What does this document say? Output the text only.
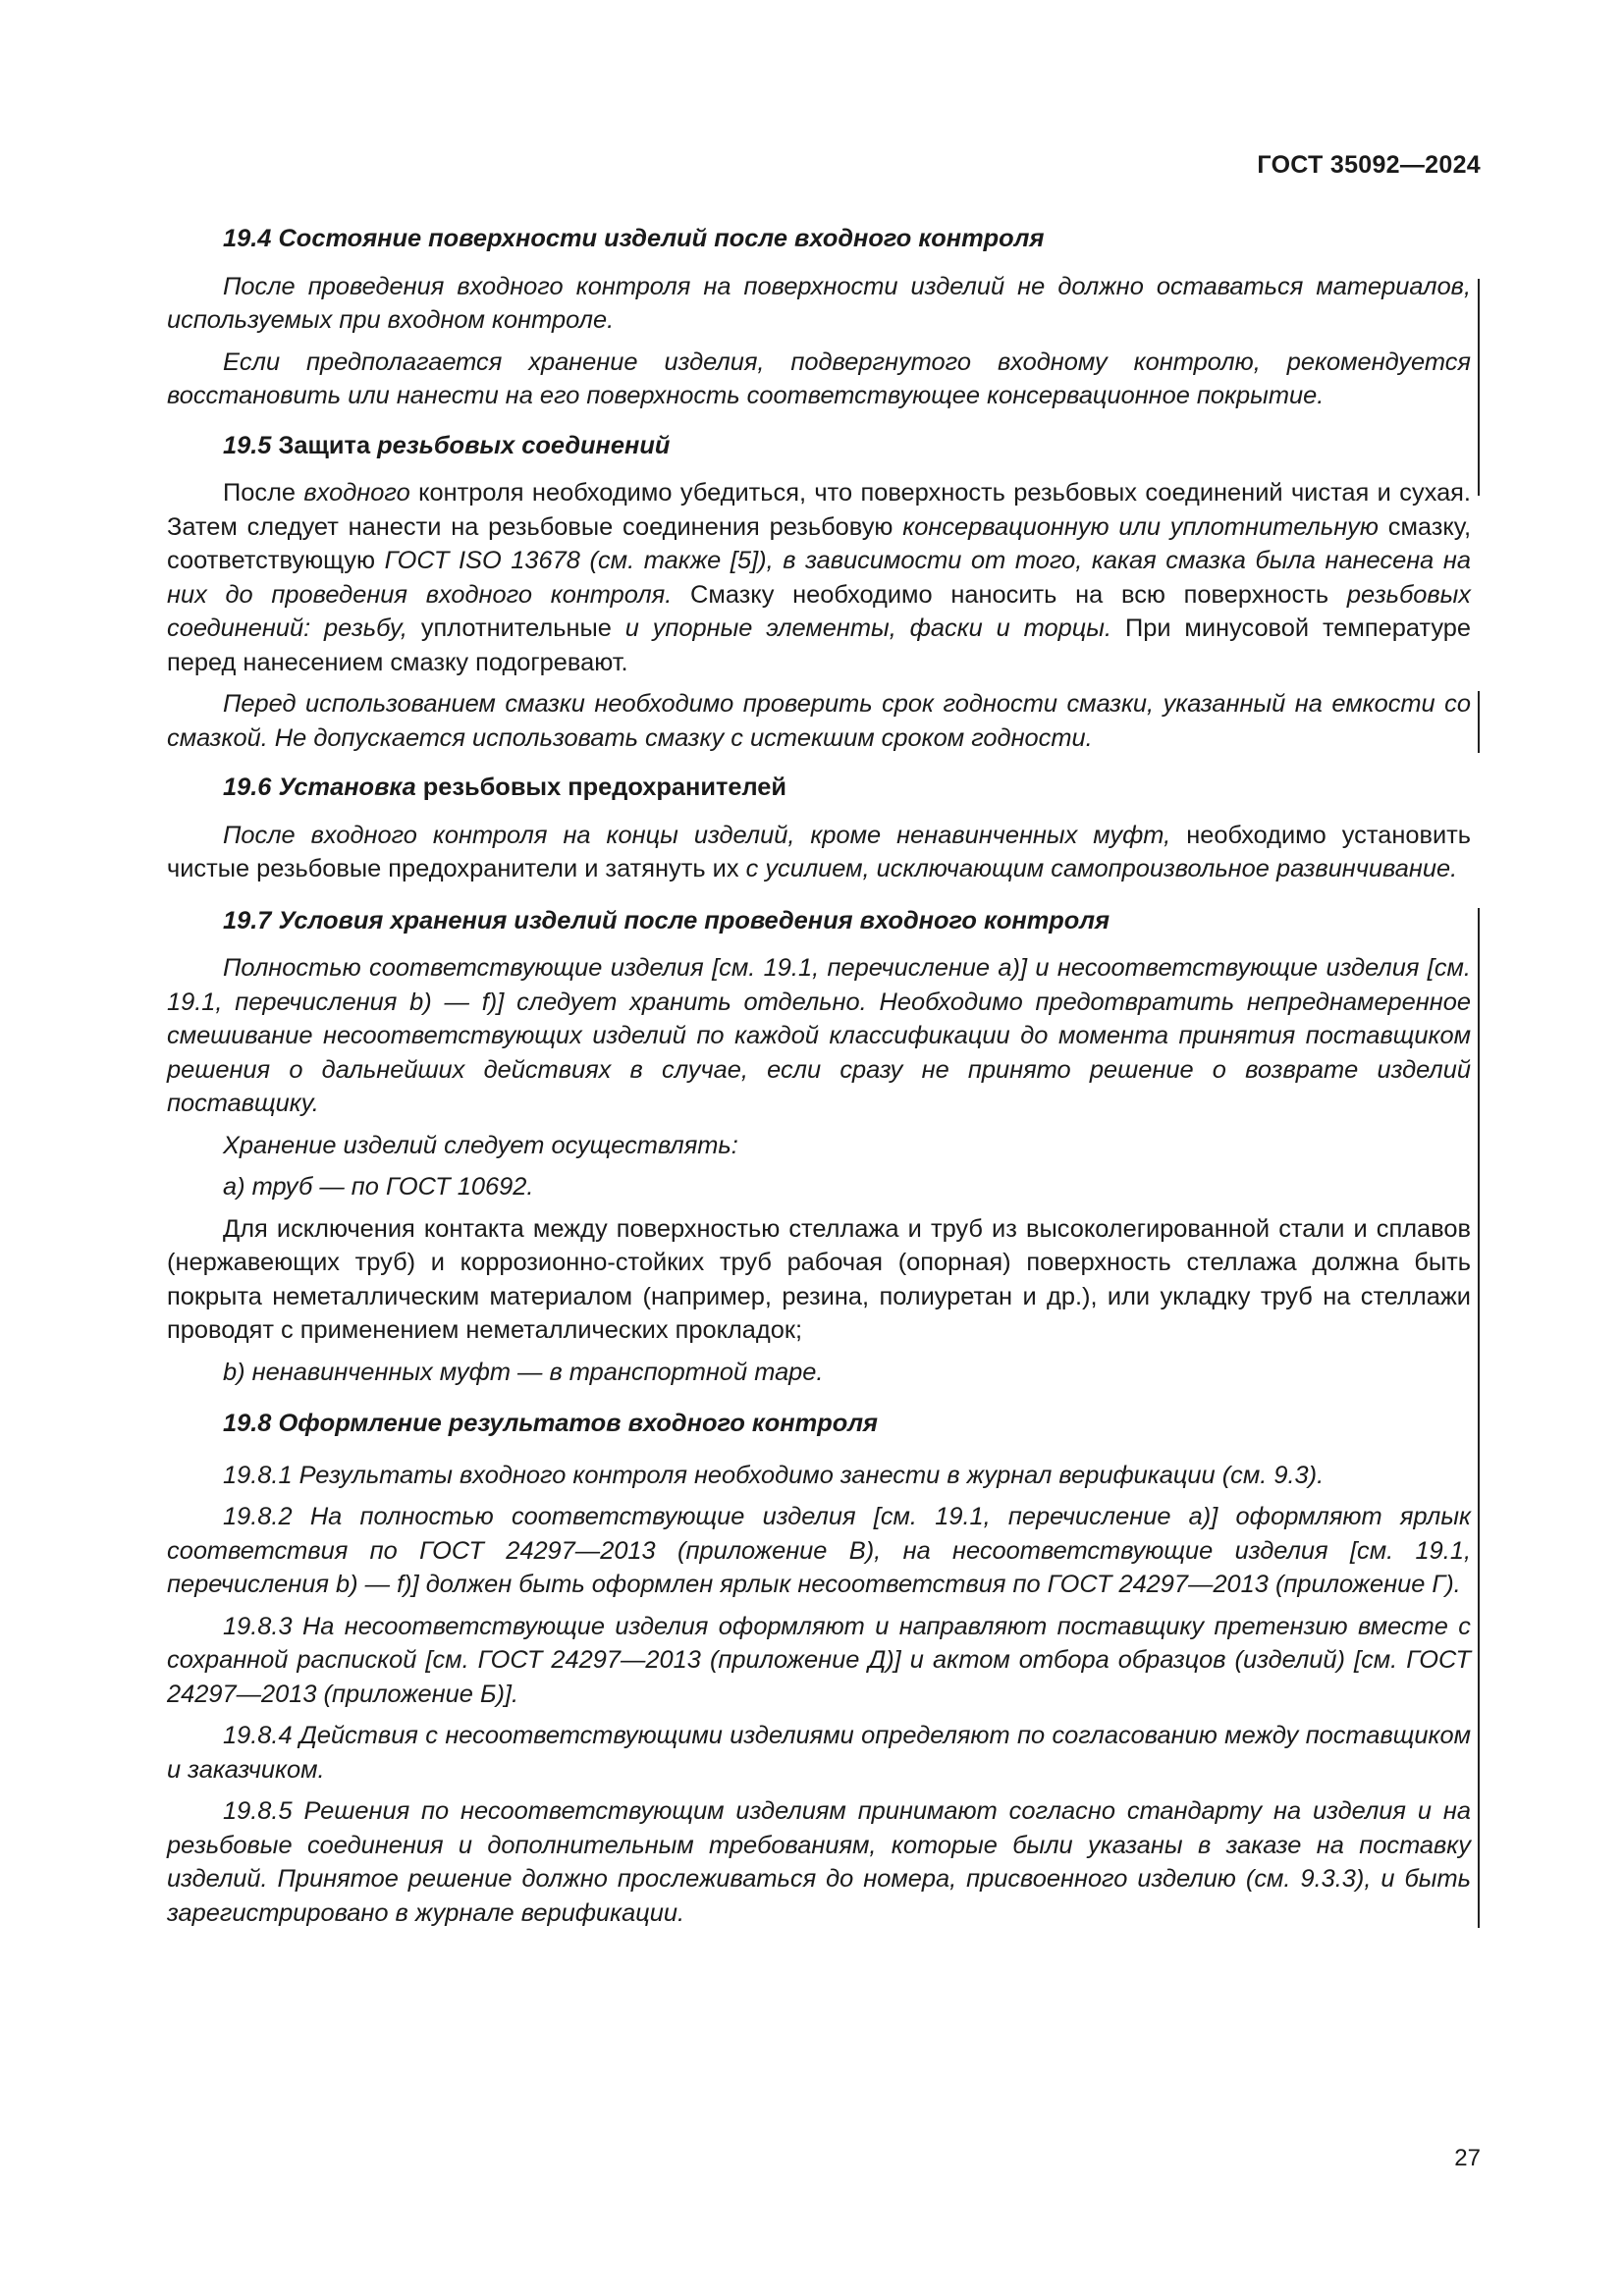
ГОСТ 35092—2024
19.4 Состояние поверхности изделий после входного контроля

После проведения входного контроля на поверхности изделий не должно оставаться материалов, используемых при входном контроле.

Если предполагается хранение изделия, подвергнутого входному контролю, рекомендуется восстановить или нанести на его поверхность соответствующее консервационное покрытие.

19.5 Защита резьбовых соединений

После входного контроля необходимо убедиться, что поверхность резьбовых соединений чистая и сухая. Затем следует нанести на резьбовые соединения резьбовую консервационную или уплотнительную смазку, соответствующую ГОСТ ISO 13678 (см. также [5]), в зависимости от того, какая смазка была нанесена на них до проведения входного контроля. Смазку необходимо наносить на всю поверхность резьбовых соединений: резьбу, уплотнительные и упорные элементы, фаски и торцы. При минусовой температуре перед нанесением смазку подогревают.

Перед использованием смазки необходимо проверить срок годности смазки, указанный на емкости со смазкой. Не допускается использовать смазку с истекшим сроком годности.

19.6 Установка резьбовых предохранителей

После входного контроля на концы изделий, кроме ненавинченных муфт, необходимо установить чистые резьбовые предохранители и затянуть их с усилием, исключающим самопроизвольное развинчивание.

19.7 Условия хранения изделий после проведения входного контроля

Полностью соответствующие изделия [см. 19.1, перечисление а)] и несоответствующие изделия [см. 19.1, перечисления b) — f)] следует хранить отдельно. Необходимо предотвратить непреднамеренное смешивание несоответствующих изделий по каждой классификации до момента принятия поставщиком решения о дальнейших действиях в случае, если сразу не принято решение о возврате изделий поставщику.

Хранение изделий следует осуществлять:

а) труб — по ГОСТ 10692.

Для исключения контакта между поверхностью стеллажа и труб из высоколегированной стали и сплавов (нержавеющих труб) и коррозионно-стойких труб рабочая (опорная) поверхность стеллажа должна быть покрыта неметаллическим материалом (например, резина, полиуретан и др.), или укладку труб на стеллажи проводят с применением неметаллических прокладок;

b) ненавинченных муфт — в транспортной таре.

19.8 Оформление результатов входного контроля

19.8.1 Результаты входного контроля необходимо занести в журнал верификации (см. 9.3).

19.8.2 На полностью соответствующие изделия [см. 19.1, перечисление а)] оформляют ярлык соответствия по ГОСТ 24297—2013 (приложение В), на несоответствующие изделия [см. 19.1, перечисления b) — f)] должен быть оформлен ярлык несоответствия по ГОСТ 24297—2013 (приложение Г).

19.8.3 На несоответствующие изделия оформляют и направляют поставщику претензию вместе с сохранной распиской [см. ГОСТ 24297—2013 (приложение Д)] и актом отбора образцов (изделий) [см. ГОСТ 24297—2013 (приложение Б)].

19.8.4 Действия с несоответствующими изделиями определяют по согласованию между поставщиком и заказчиком.

19.8.5 Решения по несоответствующим изделиям принимают согласно стандарту на изделия и на резьбовые соединения и дополнительным требованиям, которые были указаны в заказе на поставку изделий. Принятое решение должно прослеживаться до номера, присвоенного изделию (см. 9.3.3), и быть зарегистрировано в журнале верификации.

27
